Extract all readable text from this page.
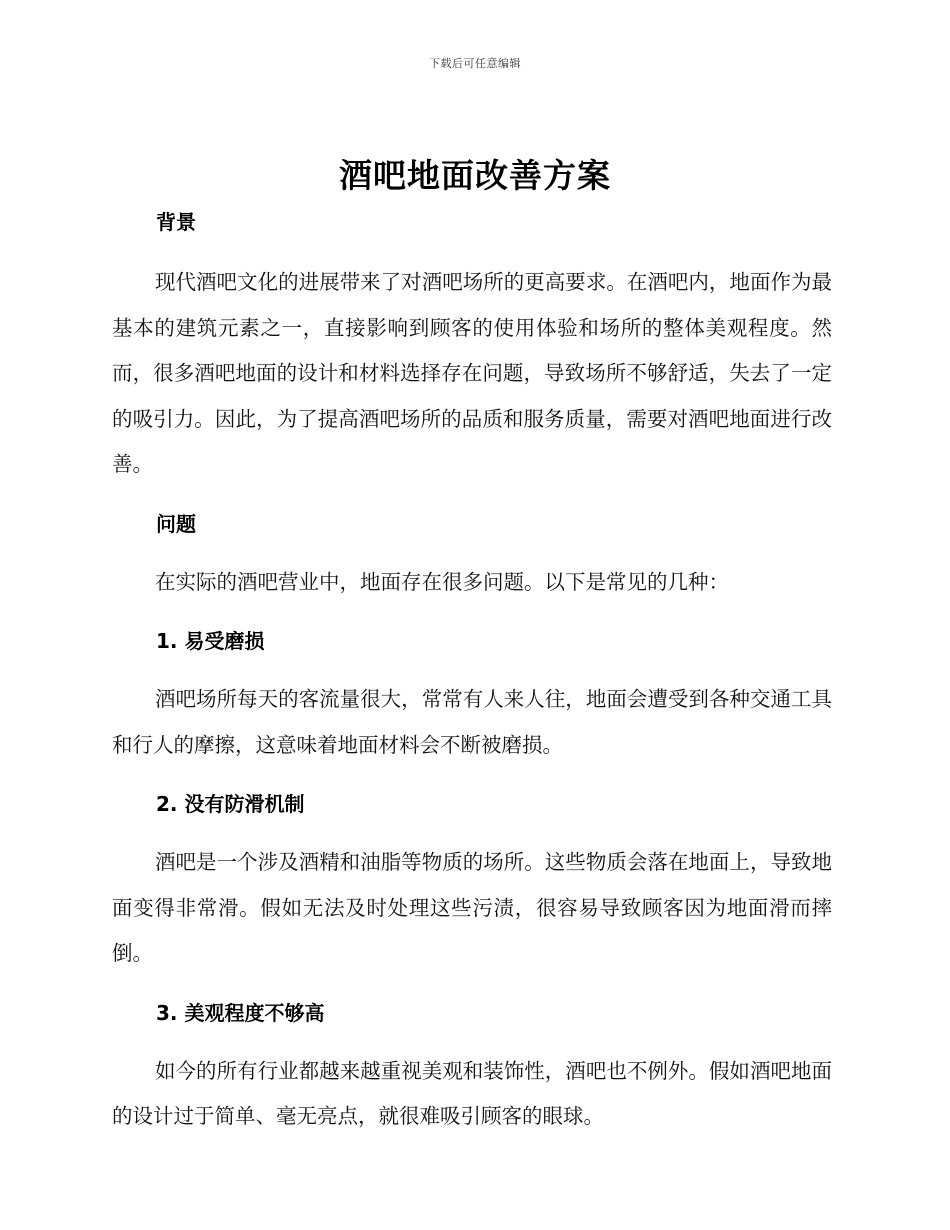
下载后可任意编辑
酒吧地面改善方案
背景

现代酒吧文化的进展带来了对酒吧场所的更高要求。在酒吧内，地面作为最基本的建筑元素之一，直接影响到顾客的使用体验和场所的整体美观程度。然而，很多酒吧地面的设计和材料选择存在问题，导致场所不够舒适，失去了一定的吸引力。因此，为了提高酒吧场所的品质和服务质量，需要对酒吧地面进行改善。

问题

在实际的酒吧营业中，地面存在很多问题。以下是常见的几种：

1. 易受磨损

酒吧场所每天的客流量很大，常常有人来人往，地面会遭受到各种交通工具和行人的摩擦，这意味着地面材料会不断被磨损。

2. 没有防滑机制

酒吧是一个涉及酒精和油脂等物质的场所。这些物质会落在地面上，导致地面变得非常滑。假如无法及时处理这些污渍，很容易导致顾客因为地面滑而摔倒。

3. 美观程度不够高

如今的所有行业都越来越重视美观和装饰性，酒吧也不例外。假如酒吧地面的设计过于简单、毫无亮点，就很难吸引顾客的眼球。
